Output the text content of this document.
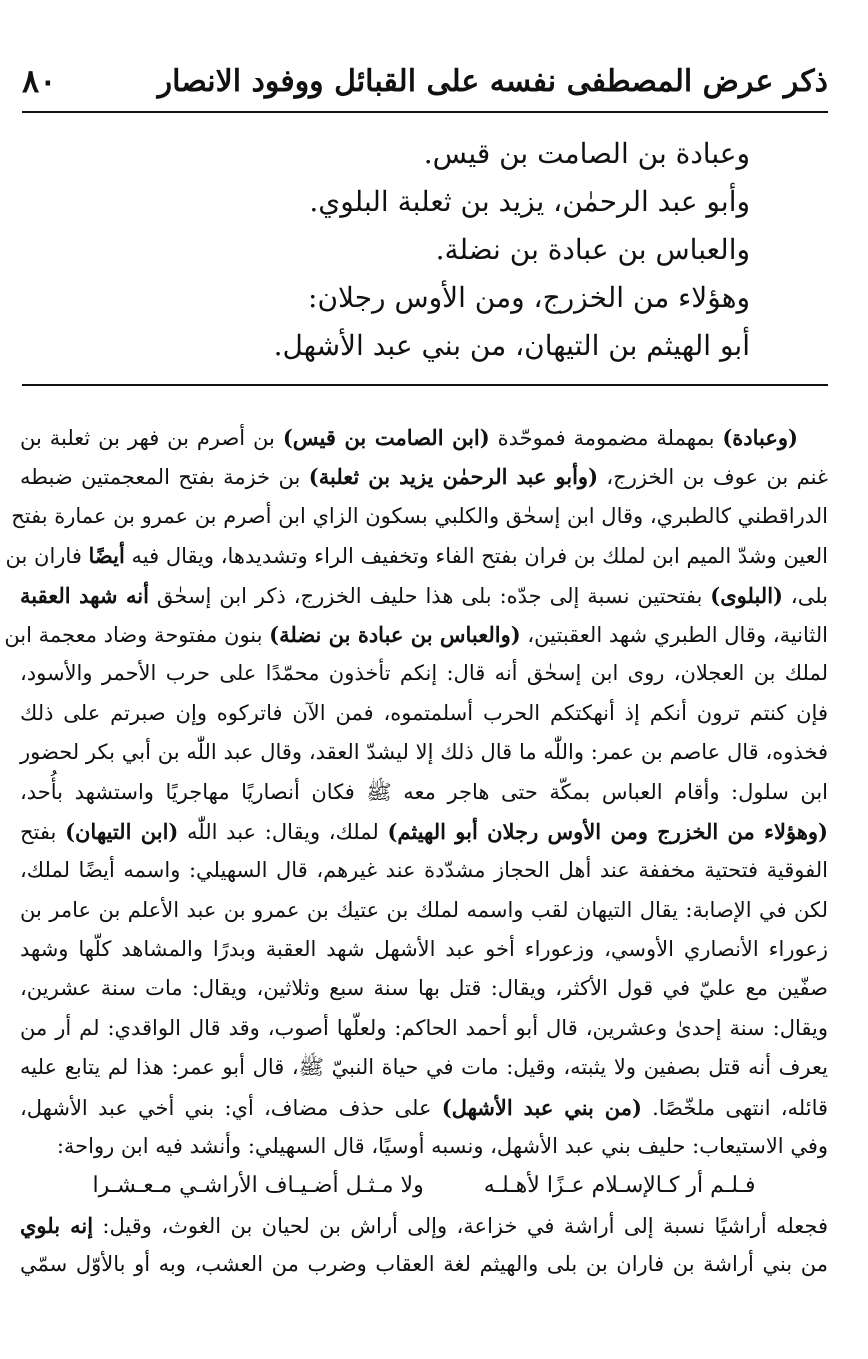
ذكر عرض المصطفى نفسه على القبائل ووفود الانصار
٨٠
وعبادة بن الصامت بن قيس.
وأبو عبد الرحمٰن، يزيد بن ثعلبة البلوي.
والعباس بن عبادة بن نضلة.
وهؤلاء من الخزرج، ومن الأوس رجلان:
أبو الهيثم بن التيهان، من بني عبد الأشهل.
(وعبادة) بمهملة مضمومة فموحّدة (ابن الصامت بن قيس) بن أصرم بن فهر بن ثعلبة بن
غنم بن عوف بن الخزرج، (وأبو عبد الرحمٰن يزيد بن ثعلبة) بن خزمة بفتح المعجمتين ضبطه
الدراقطني كالطبري، وقال ابن إسحٰق والكلبي بسكون الزاي ابن أصرم بن عمرو بن عمارة بفتح
العين وشدّ الميم ابن لملك بن فران بفتح الفاء وتخفيف الراء وتشديدها، ويقال فيه أيضًا فاران بن
بلى، (البلوى) بفتحتين نسبة إلى جدّه: بلى هذا حليف الخزرج، ذكر ابن إسحٰق أنه شهد العقبة
الثانية، وقال الطبري شهد العقبتين، (والعباس بن عبادة بن نضلة) بنون مفتوحة وضاد معجمة ابن
لملك بن العجلان، روى ابن إسحٰق أنه قال: إنكم تأخذون محمّدًا على حرب الأحمر والأسود،
فإن كنتم ترون أنكم إذ أنهكتكم الحرب أسلمتموه، فمن الآن فاتركوه وإن صبرتم على ذلك
فخذوه، قال عاصم بن عمر: واللّٰه ما قال ذلك إلا ليشدّ العقد، وقال عبد اللّٰه بن أبي بكر لحضور
ابن سلول: وأقام العباس بمكّة حتى هاجر معه ﷺ فكان أنصاريًا مهاجريًا واستشهد بأُحد،
(وهؤلاء من الخزرج ومن الأوس رجلان أبو الهيثم) لملك، ويقال: عبد اللّٰه (ابن التيهان) بفتح
الفوقية فتحتية مخففة عند أهل الحجاز مشدّدة عند غيرهم، قال السهيلي: واسمه أيضًا لملك،
لكن في الإصابة: يقال التيهان لقب واسمه لملك بن عتيك بن عمرو بن عبد الأعلم بن عامر بن
زعوراء الأنصاري الأوسي، وزعوراء أخو عبد الأشهل شهد العقبة وبدرًا والمشاهد كلّها وشهد
صفّين مع عليّ في قول الأكثر، ويقال: قتل بها سنة سبع وثلاثين، ويقال: مات سنة عشرين،
ويقال: سنة إحدىٰ وعشرين، قال أبو أحمد الحاكم: ولعلّها أصوب، وقد قال الواقدي: لم أر من
يعرف أنه قتل بصفين ولا يثبته، وقيل: مات في حياة النبيّ ﷺ، قال أبو عمر: هذا لم يتابع عليه
قائله، انتهى ملخّصًا. (من بني عبد الأشهل) على حذف مضاف، أي: بني أخي عبد الأشهل،
وفي الاستيعاب: حليف بني عبد الأشهل، ونسبه أوسيًا، قال السهيلي: وأنشد فيه ابن رواحة:
فـلـم أر كـالإسـلام عـزًا لأهـلـه
ولا مـثـل أضـيـاف الأراشـي مـعـشـرا
فجعله أراشيًا نسبة إلى أراشة في خزاعة، وإلى أراش بن لحيان بن الغوث، وقيل: إنه بلوي
من بني أراشة بن فاران بن بلى والهيثم لغة العقاب وضرب من العشب، وبه أو بالأوّل سمّي
